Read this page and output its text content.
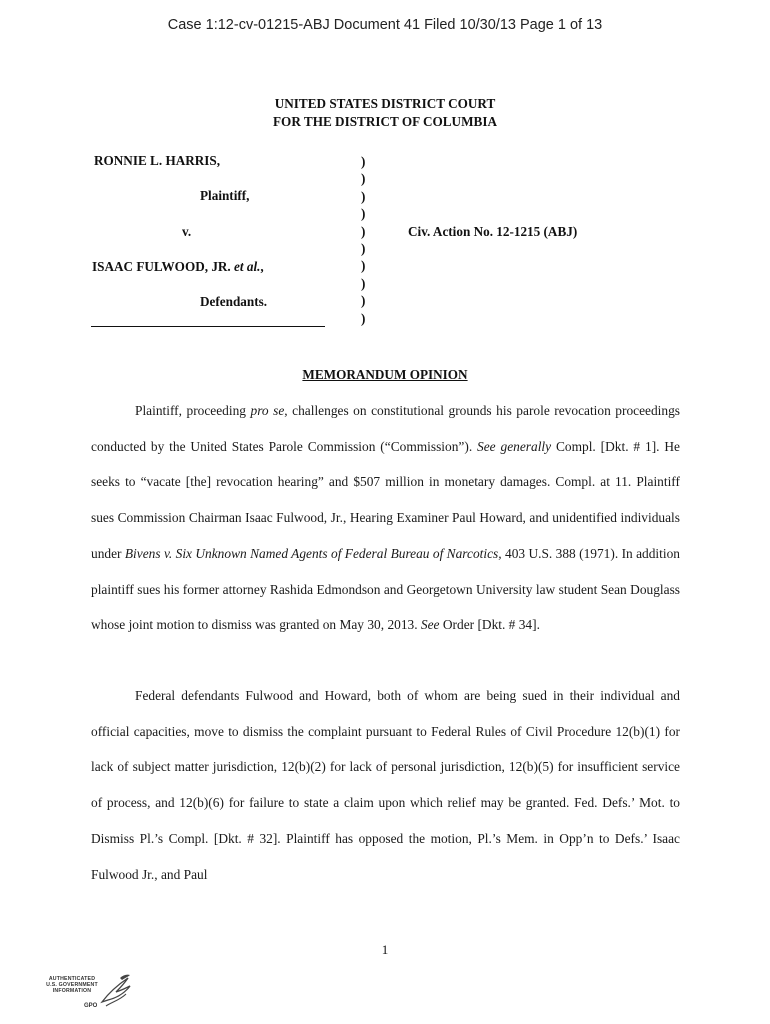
Case 1:12-cv-01215-ABJ Document 41 Filed 10/30/13 Page 1 of 13
UNITED STATES DISTRICT COURT
FOR THE DISTRICT OF COLUMBIA
RONNIE L. HARRIS,
Plaintiff,
v.
ISAAC FULWOOD, JR. et al.,
Defendants.
)
)
)
)
)
)
)
)
)
)
Civ. Action No. 12-1215 (ABJ)
MEMORANDUM OPINION

Plaintiff, proceeding pro se, challenges on constitutional grounds his parole revocation proceedings conducted by the United States Parole Commission (“Commission”). See generally Compl. [Dkt. # 1]. He seeks to “vacate [the] revocation hearing” and $507 million in monetary damages. Compl. at 11. Plaintiff sues Commission Chairman Isaac Fulwood, Jr., Hearing Examiner Paul Howard, and unidentified individuals under Bivens v. Six Unknown Named Agents of Federal Bureau of Narcotics, 403 U.S. 388 (1971). In addition plaintiff sues his former attorney Rashida Edmondson and Georgetown University law student Sean Douglass whose joint motion to dismiss was granted on May 30, 2013. See Order [Dkt. # 34].

Federal defendants Fulwood and Howard, both of whom are being sued in their individual and official capacities, move to dismiss the complaint pursuant to Federal Rules of Civil Procedure 12(b)(1) for lack of subject matter jurisdiction, 12(b)(2) for lack of personal jurisdiction, 12(b)(5) for insufficient service of process, and 12(b)(6) for failure to state a claim upon which relief may be granted. Fed. Defs.’ Mot. to Dismiss Pl.’s Compl. [Dkt. # 32]. Plaintiff has opposed the motion, Pl.’s Mem. in Opp’n to Defs.’ Isaac Fulwood Jr., and Paul

1
AUTHENTICATED
U.S. GOVERNMENT
INFORMATION
GPO
